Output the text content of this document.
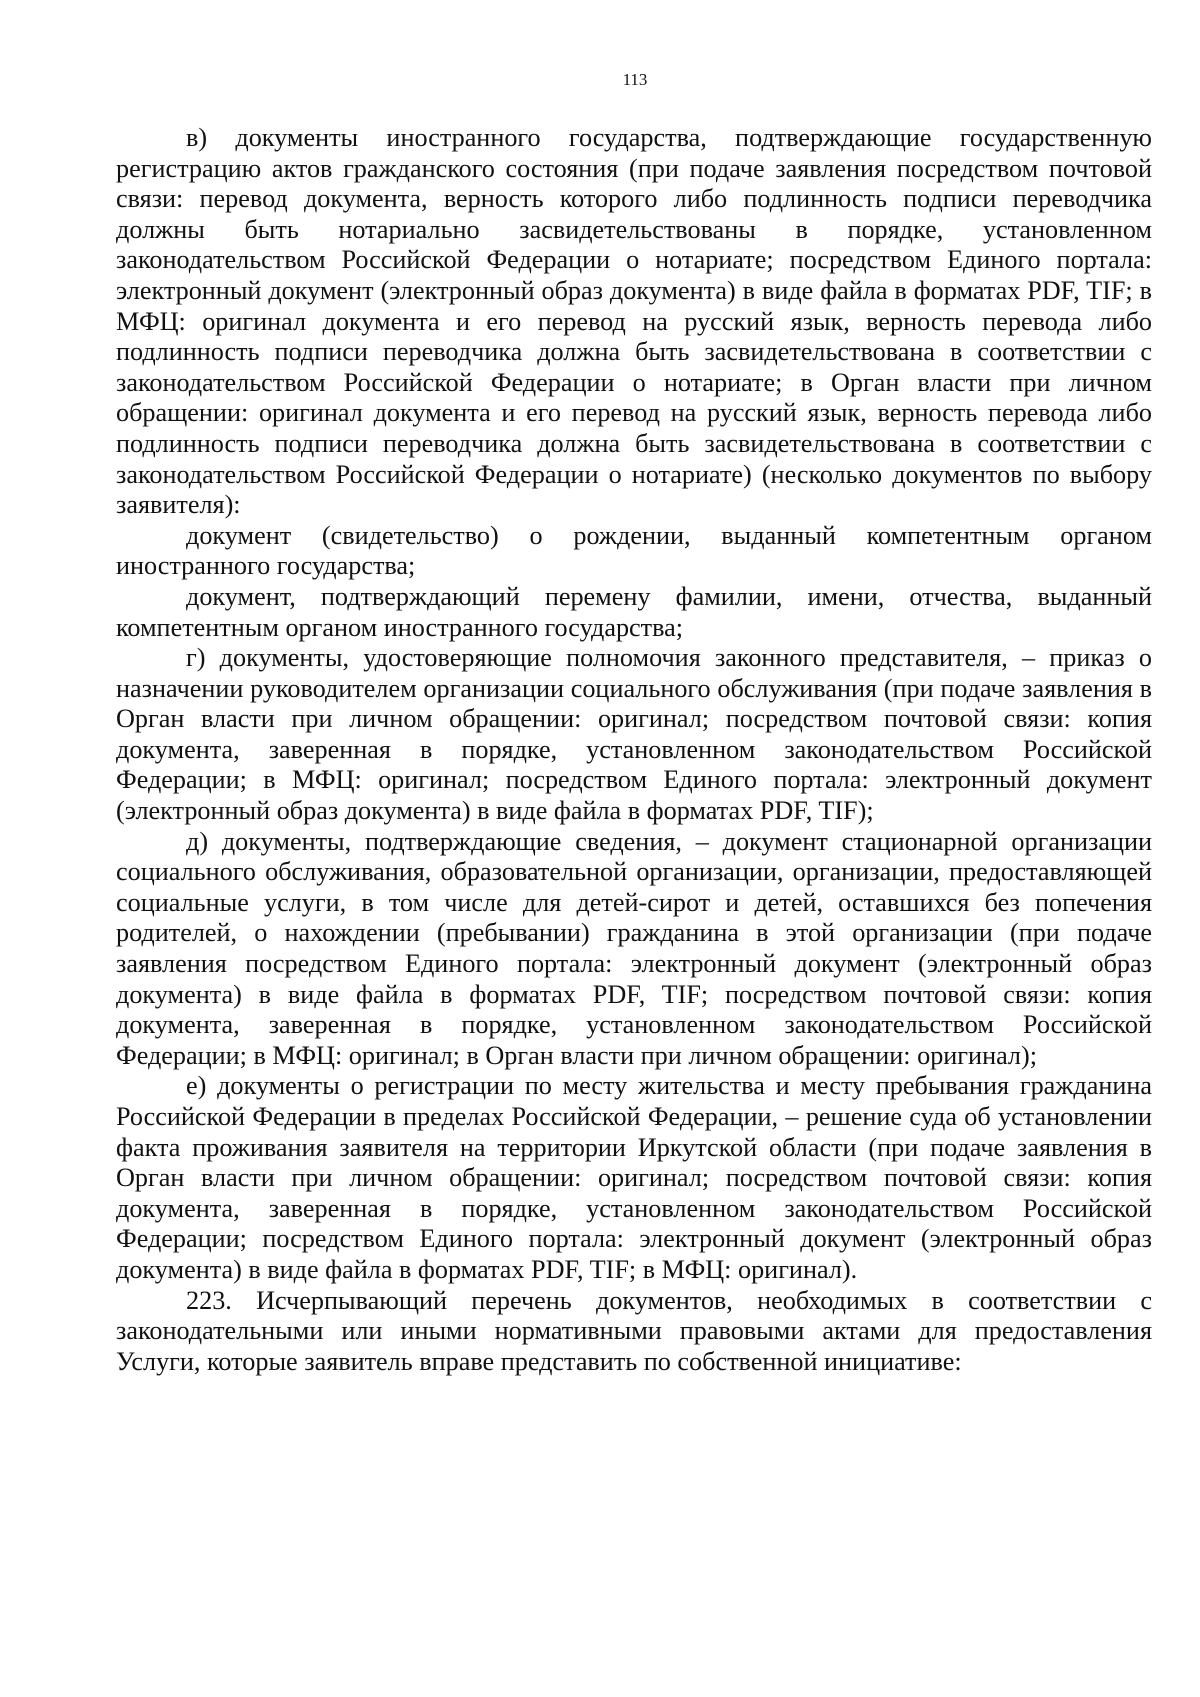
113

в) документы иностранного государства, подтверждающие государственную регистрацию актов гражданского состояния (при подаче заявления посредством почтовой связи: перевод документа, верность которого либо подлинность подписи переводчика должны быть нотариально засвидетельствованы в порядке, установленном законодательством Российской Федерации о нотариате; посредством Единого портала: электронный документ (электронный образ документа) в виде файла в форматах PDF, TIF; в МФЦ: оригинал документа и его перевод на русский язык, верность перевода либо подлинность подписи переводчика должна быть засвидетельствована в соответствии с законодательством Российской Федерации о нотариате; в Орган власти при личном обращении: оригинал документа и его перевод на русский язык, верность перевода либо подлинность подписи переводчика должна быть засвидетельствована в соответствии с законодательством Российской Федерации о нотариате) (несколько документов по выбору заявителя):

документ (свидетельство) о рождении, выданный компетентным органом иностранного государства;

документ, подтверждающий перемену фамилии, имени, отчества, выданный компетентным органом иностранного государства;

г) документы, удостоверяющие полномочия законного представителя, – приказ о назначении руководителем организации социального обслуживания (при подаче заявления в Орган власти при личном обращении: оригинал; посредством почтовой связи: копия документа, заверенная в порядке, установленном законодательством Российской Федерации; в МФЦ: оригинал; посредством Единого портала: электронный документ (электронный образ документа) в виде файла в форматах PDF, TIF);

д) документы, подтверждающие сведения, – документ стационарной организации социального обслуживания, образовательной организации, организации, предоставляющей социальные услуги, в том числе для детей-сирот и детей, оставшихся без попечения родителей, о нахождении (пребывании) гражданина в этой организации (при подаче заявления посредством Единого портала: электронный документ (электронный образ документа) в виде файла в форматах PDF, TIF; посредством почтовой связи: копия документа, заверенная в порядке, установленном законодательством Российской Федерации; в МФЦ: оригинал; в Орган власти при личном обращении: оригинал);

е) документы о регистрации по месту жительства и месту пребывания гражданина Российской Федерации в пределах Российской Федерации, – решение суда об установлении факта проживания заявителя на территории Иркутской области (при подаче заявления в Орган власти при личном обращении: оригинал; посредством почтовой связи: копия документа, заверенная в порядке, установленном законодательством Российской Федерации; посредством Единого портала: электронный документ (электронный образ документа) в виде файла в форматах PDF, TIF; в МФЦ: оригинал).

223. Исчерпывающий перечень документов, необходимых в соответствии с законодательными или иными нормативными правовыми актами для предоставления Услуги, которые заявитель вправе представить по собственной инициативе:
